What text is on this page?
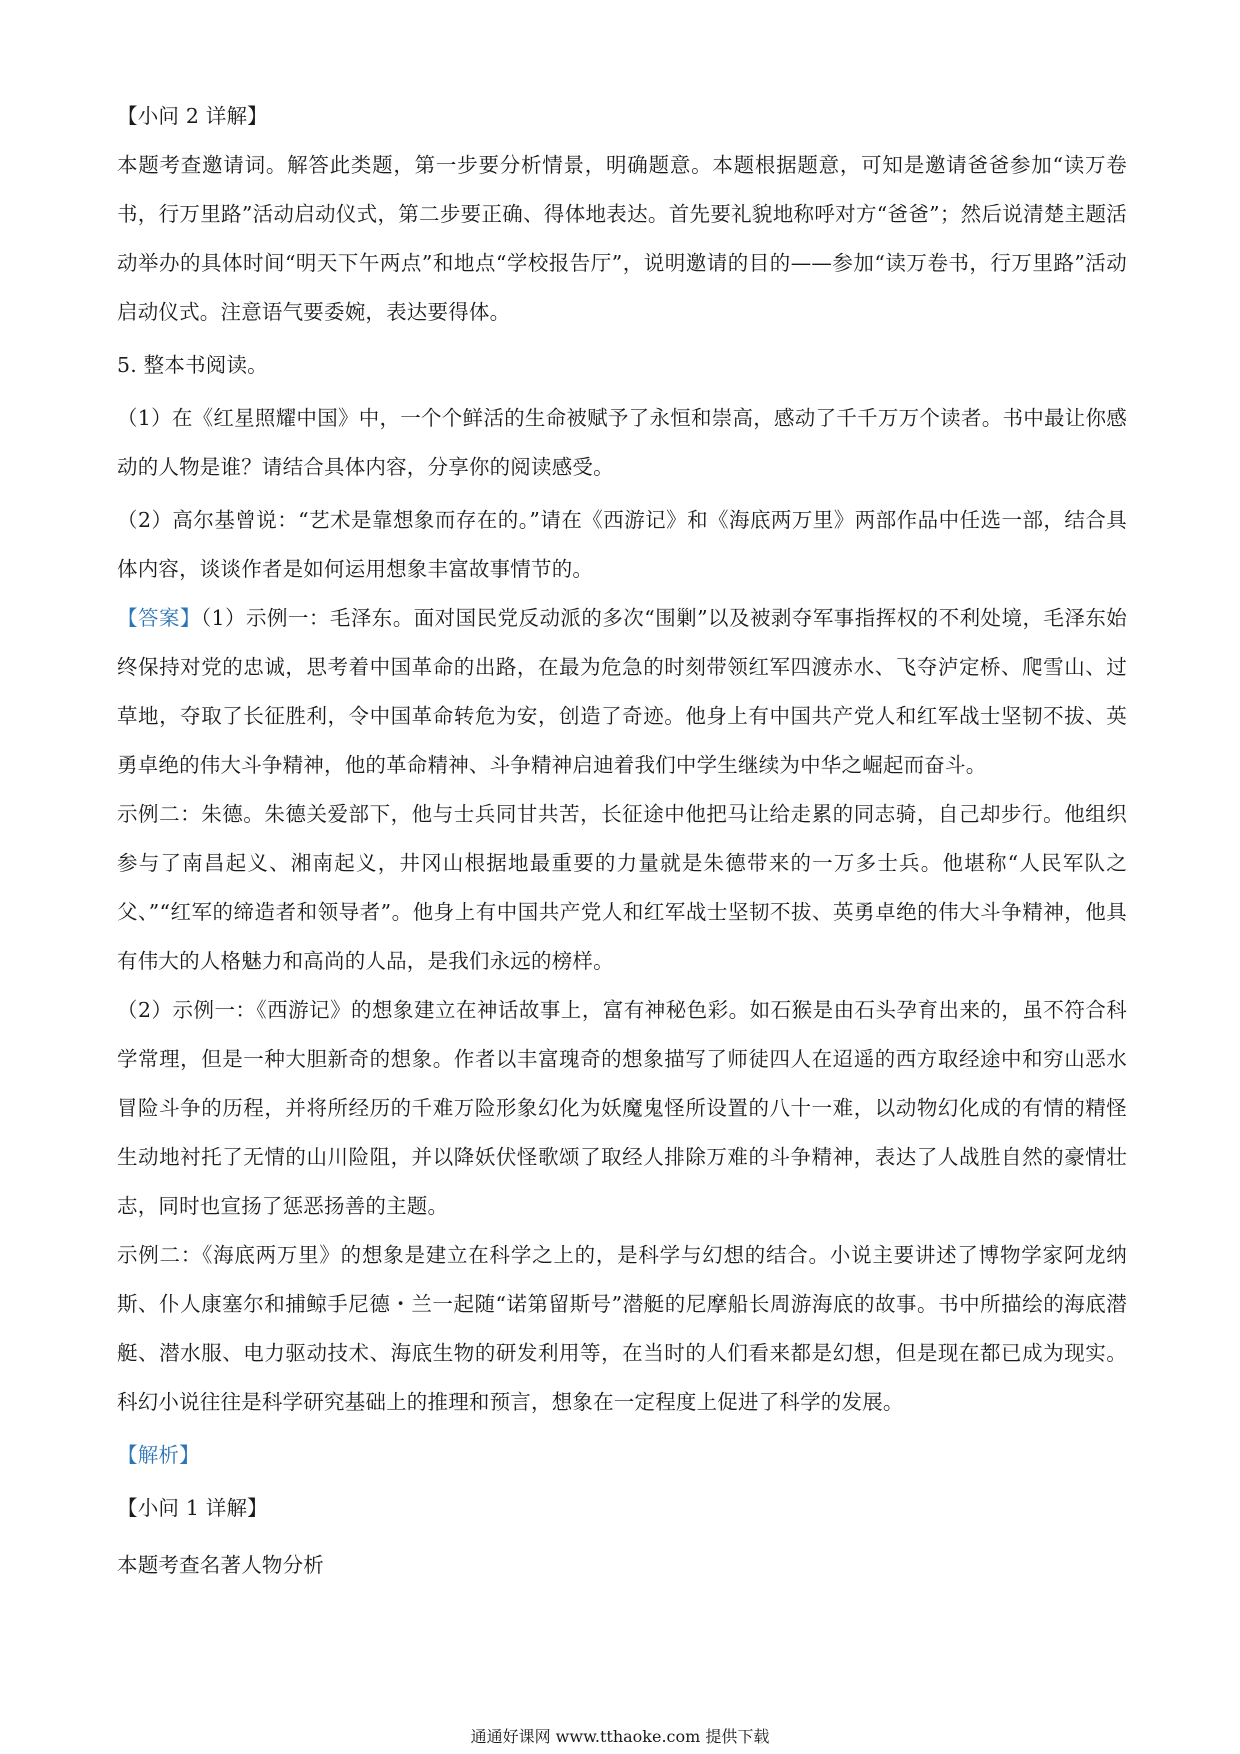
【小问 2 详解】

本题考查邀请词。解答此类题，第一步要分析情景，明确题意。本题根据题意，可知是邀请爸爸参加“读万卷书，行万里路”活动启动仪式，第二步要正确、得体地表达。首先要礼貌地称呼对方“爸爸”；然后说清楚主题活动举办的具体时间“明天下午两点”和地点“学校报告厅”，说明邀请的目的——参加“读万卷书，行万里路”活动启动仪式。注意语气要委婉，表达要得体。

5. 整本书阅读。

（1）在《红星照耀中国》中，一个个鲜活的生命被赋予了永恒和崇高，感动了千千万万个读者。书中最让你感动的人物是谁？请结合具体内容，分享你的阅读感受。

（2）高尔基曾说：“艺术是靠想象而存在的。”请在《西游记》和《海底两万里》两部作品中任选一部，结合具体内容，谈谈作者是如何运用想象丰富故事情节的。

【答案】（1）示例一：毛泽东。面对国民党反动派的多次“围剿”以及被剥夺军事指挥权的不利处境，毛泽东始终保持对党的忠诚，思考着中国革命的出路，在最为危急的时刻带领红军四渡赤水、飞夺泸定桥、爬雪山、过草地，夺取了长征胜利，令中国革命转危为安，创造了奇迹。他身上有中国共产党人和红军战士坚韧不拔、英勇卓绝的伟大斗争精神，他的革命精神、斗争精神启迪着我们中学生继续为中华之崛起而奋斗。

示例二：朱德。朱德关爱部下，他与士兵同甘共苦，长征途中他把马让给走累的同志骑，自己却步行。他组织参与了南昌起义、湘南起义，井冈山根据地最重要的力量就是朱德带来的一万多士兵。他堪称“人民军队之父、”“红军的缔造者和领导者”。他身上有中国共产党人和红军战士坚韧不拔、英勇卓绝的伟大斗争精神，他具有伟大的人格魅力和高尚的人品，是我们永远的榜样。

（2）示例一：《西游记》的想象建立在神话故事上，富有神秘色彩。如石猴是由石头孕育出来的，虽不符合科学常理，但是一种大胆新奇的想象。作者以丰富瑰奇的想象描写了师徒四人在迢遥的西方取经途中和穷山恶水冒险斗争的历程，并将所经历的千难万险形象幻化为妖魔鬼怪所设置的八十一难，以动物幻化成的有情的精怪生动地衬托了无情的山川险阻，并以降妖伏怪歌颂了取经人排除万难的斗争精神，表达了人战胜自然的豪情壮志，同时也宣扬了惩恶扬善的主题。

示例二：《海底两万里》的想象是建立在科学之上的，是科学与幻想的结合。小说主要讲述了博物学家阿龙纳斯、仆人康塞尔和捕鲸手尼德・兰一起随“诺第留斯号”潜艇的尼摩船长周游海底的故事。书中所描绘的海底潜艇、潜水服、电力驱动技术、海底生物的研发利用等，在当时的人们看来都是幻想，但是现在都已成为现实。科幻小说往往是科学研究基础上的推理和预言，想象在一定程度上促进了科学的发展。

【解析】

【小问 1 详解】

本题考查名著人物分析

通通好课网 www.tthaoke.com 提供下载
